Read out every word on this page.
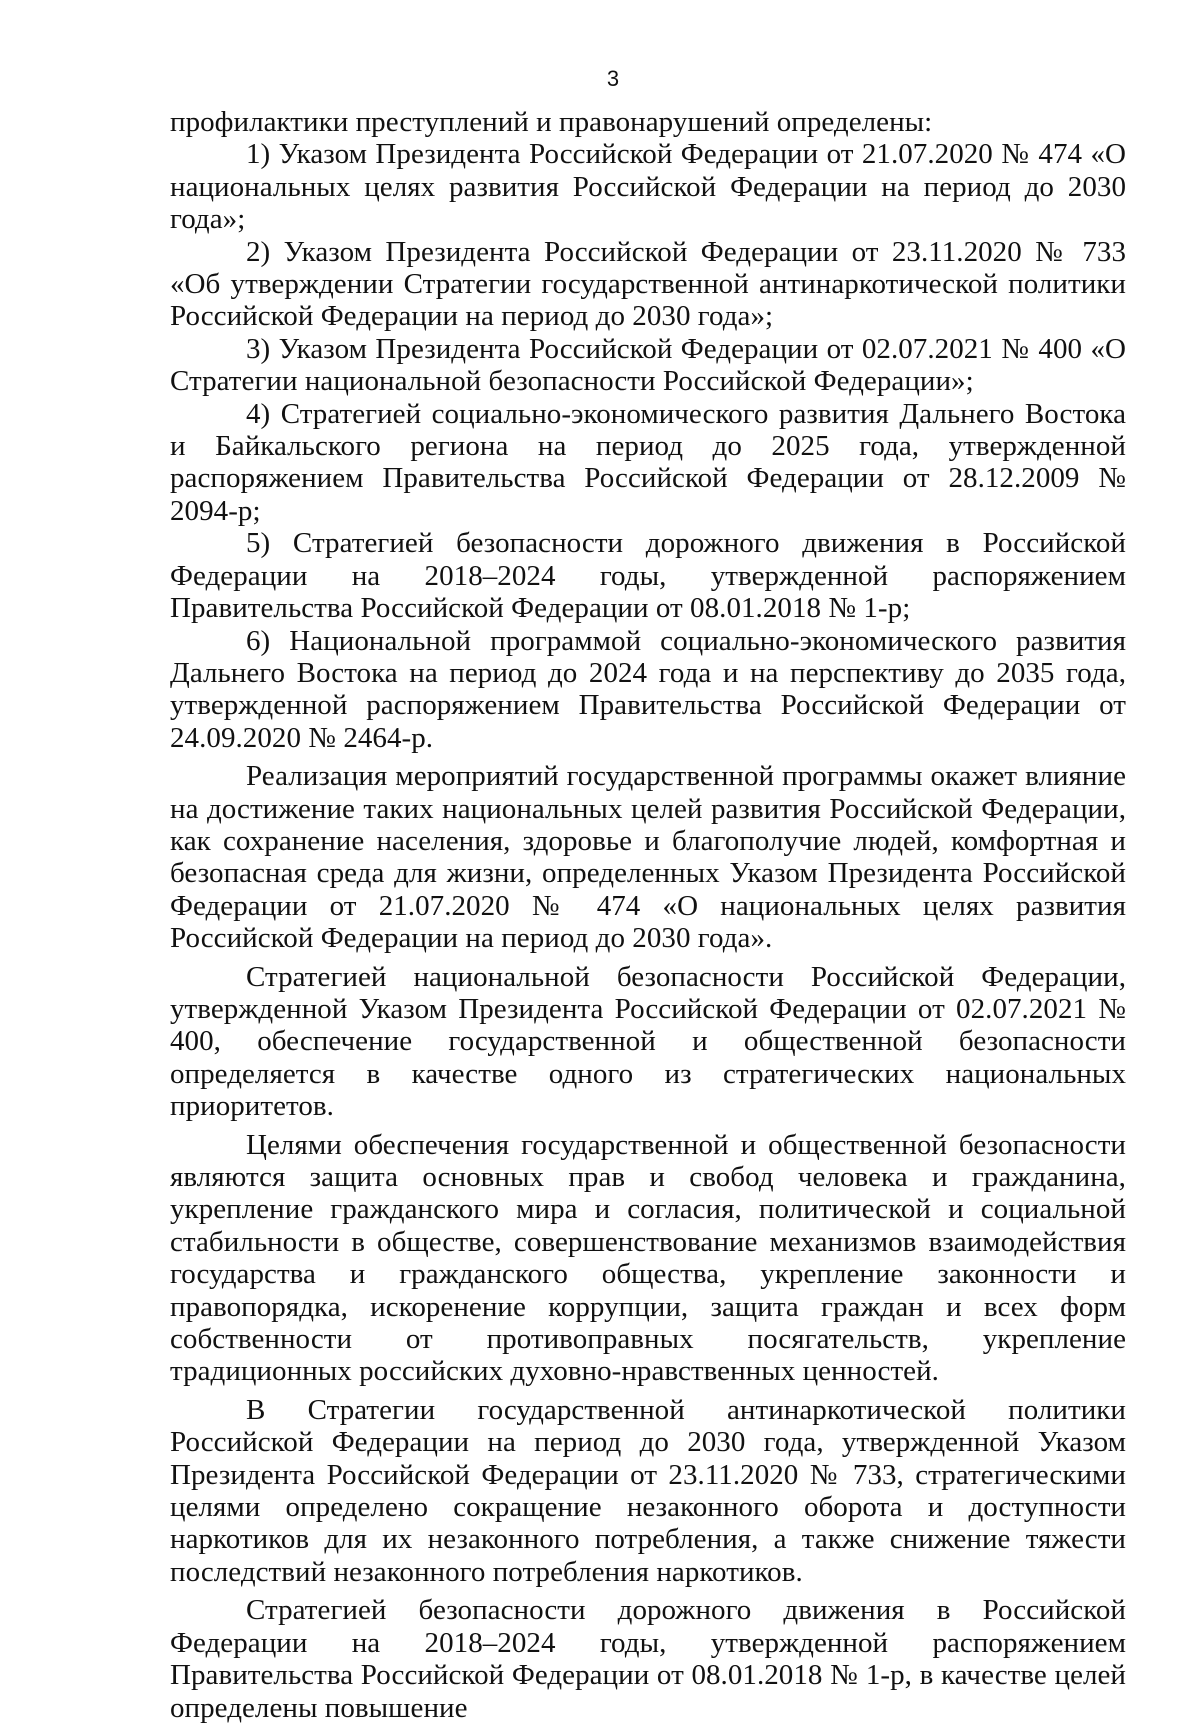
3

профилактики преступлений и правонарушений определены:

1) Указом Президента Российской Федерации от 21.07.2020 № 474 «О национальных целях развития Российской Федерации на период до 2030 года»;

2) Указом Президента Российской Федерации от 23.11.2020 № 733 «Об утверждении Стратегии государственной антинаркотической политики Российской Федерации на период до 2030 года»;

3) Указом Президента Российской Федерации от 02.07.2021 № 400 «О Стратегии национальной безопасности Российской Федерации»;

4) Стратегией социально-экономического развития Дальнего Востока и Байкальского региона на период до 2025 года, утвержденной распоряжением Правительства Российской Федерации от 28.12.2009 № 2094-р;

5) Стратегией безопасности дорожного движения в Российской Федерации на 2018–2024 годы, утвержденной распоряжением Правительства Российской Федерации от 08.01.2018 № 1-р;

6) Национальной программой социально-экономического развития Дальнего Востока на период до 2024 года и на перспективу до 2035 года, утвержденной распоряжением Правительства Российской Федерации от 24.09.2020 № 2464-р.

Реализация мероприятий государственной программы окажет влияние на достижение таких национальных целей развития Российской Федерации, как сохранение населения, здоровье и благополучие людей, комфортная и безопасная среда для жизни, определенных Указом Президента Российской Федерации от 21.07.2020 № 474 «О национальных целях развития Российской Федерации на период до 2030 года».

Стратегией национальной безопасности Российской Федерации, утвержденной Указом Президента Российской Федерации от 02.07.2021 № 400, обеспечение государственной и общественной безопасности определяется в качестве одного из стратегических национальных приоритетов.

Целями обеспечения государственной и общественной безопасности являются защита основных прав и свобод человека и гражданина, укрепление гражданского мира и согласия, политической и социальной стабильности в обществе, совершенствование механизмов взаимодействия государства и гражданского общества, укрепление законности и правопорядка, искоренение коррупции, защита граждан и всех форм собственности от противоправных посягательств, укрепление традиционных российских духовно-нравственных ценностей.

В Стратегии государственной антинаркотической политики Российской Федерации на период до 2030 года, утвержденной Указом Президента Российской Федерации от 23.11.2020 № 733, стратегическими целями определено сокращение незаконного оборота и доступности наркотиков для их незаконного потребления, а также снижение тяжести последствий незаконного потребления наркотиков.

Стратегией безопасности дорожного движения в Российской Федерации на 2018–2024 годы, утвержденной распоряжением Правительства Российской Федерации от 08.01.2018 № 1-р, в качестве целей определены повышение
